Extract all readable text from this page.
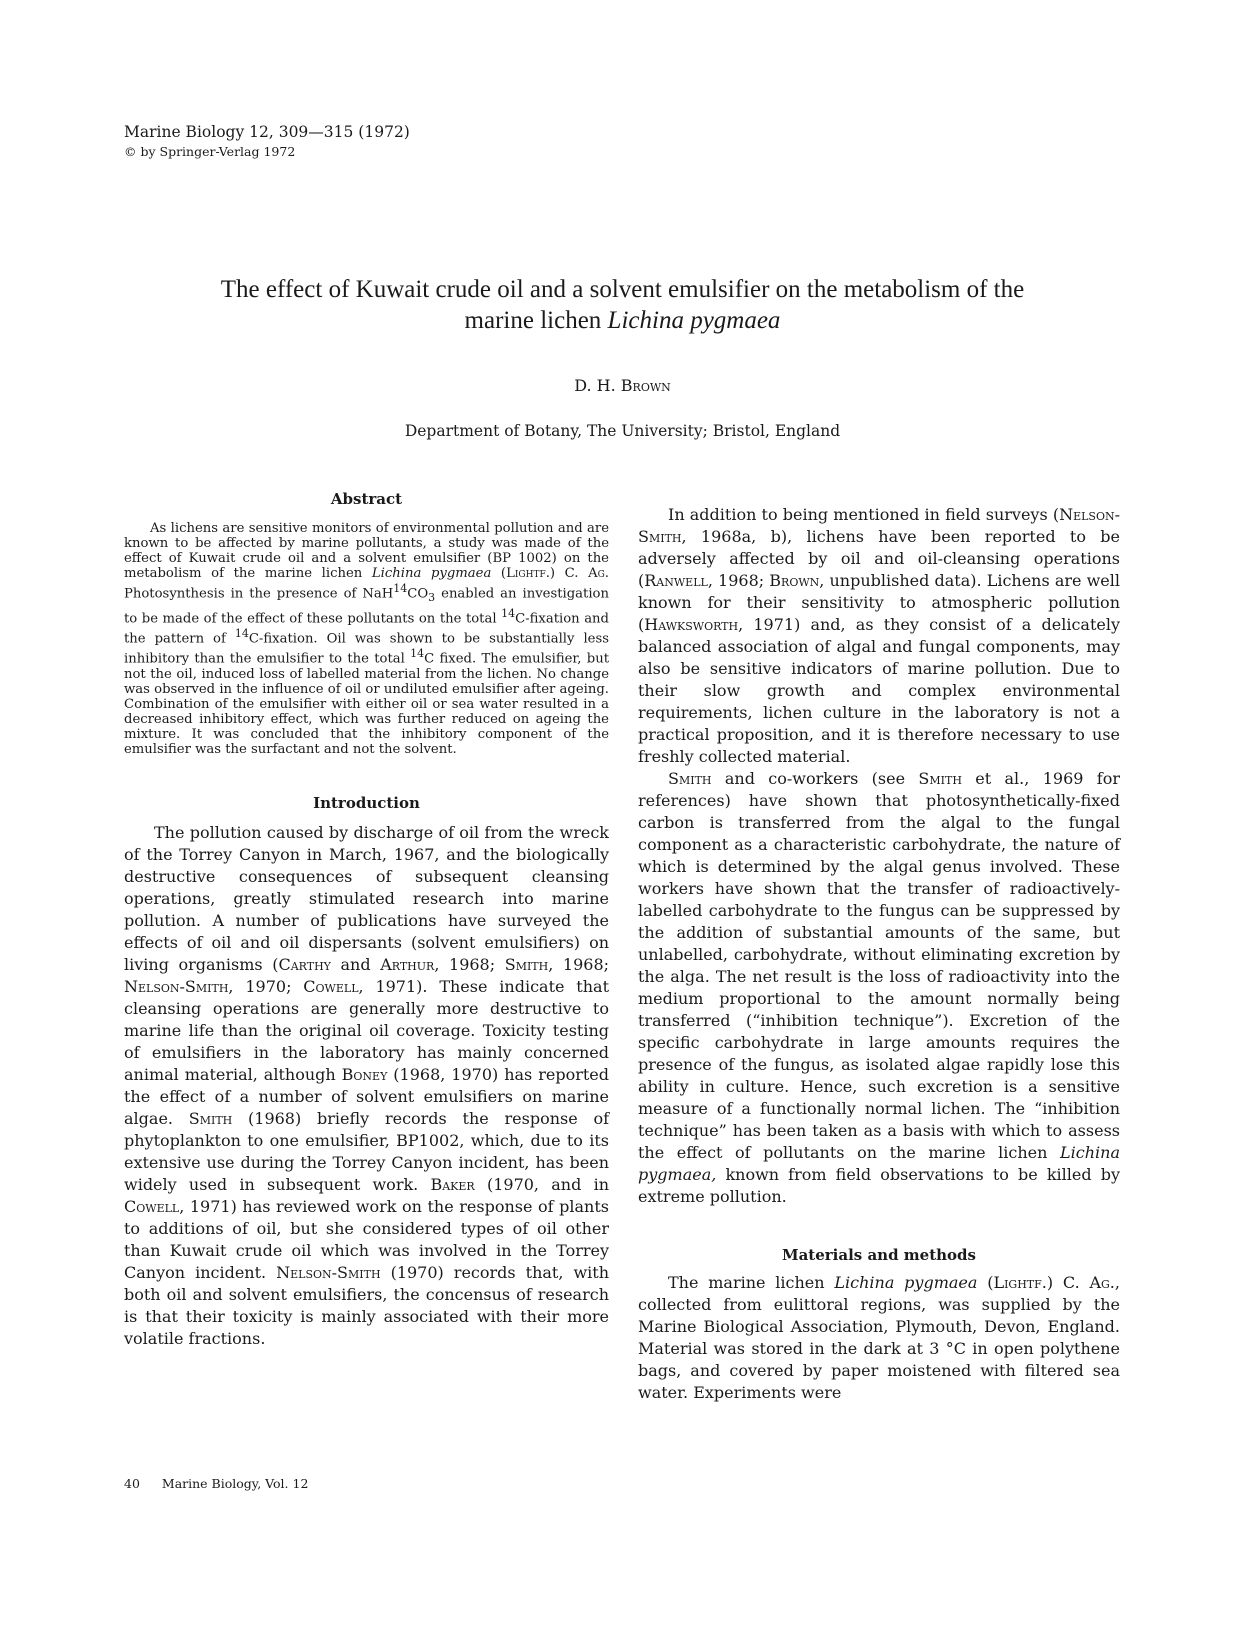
Marine Biology 12, 309—315 (1972)
© by Springer-Verlag 1972
The effect of Kuwait crude oil and a solvent emulsifier on the metabolism of the
marine lichen Lichina pygmaea
D. H. Brown
Department of Botany, The University; Bristol, England
Abstract

As lichens are sensitive monitors of environmental pollution and are known to be affected by marine pollutants, a study was made of the effect of Kuwait crude oil and a solvent emulsifier (BP 1002) on the metabolism of the marine lichen Lichina pygmaea (Lightf.) C. Ag. Photosynthesis in the presence of $NaH^{14}CO_3$ enabled an investigation to be made of the effect of these pollutants on the total $^{14}$C-fixation and the pattern of $^{14}$C-fixation. Oil was shown to be substantially less inhibitory than the emulsifier to the total $^{14}$C fixed. The emulsifier, but not the oil, induced loss of labelled material from the lichen. No change was observed in the influence of oil or undiluted emulsifier after ageing. Combination of the emulsifier with either oil or sea water resulted in a decreased inhibitory effect, which was further reduced on ageing the mixture. It was concluded that the inhibitory component of the emulsifier was the surfactant and not the solvent.

Introduction

The pollution caused by discharge of oil from the wreck of the Torrey Canyon in March, 1967, and the biologically destructive consequences of subsequent cleansing operations, greatly stimulated research into marine pollution. A number of publications have surveyed the effects of oil and oil dispersants (solvent emulsifiers) on living organisms (Carthy and Arthur, 1968; Smith, 1968; Nelson-Smith, 1970; Cowell, 1971). These indicate that cleansing operations are generally more destructive to marine life than the original oil coverage. Toxicity testing of emulsifiers in the laboratory has mainly concerned animal material, although Boney (1968, 1970) has reported the effect of a number of solvent emulsifiers on marine algae. Smith (1968) briefly records the response of phytoplankton to one emulsifier, BP1002, which, due to its extensive use during the Torrey Canyon incident, has been widely used in subsequent work. Baker (1970, and in Cowell, 1971) has reviewed work on the response of plants to additions of oil, but she considered types of oil other than Kuwait crude oil which was involved in the Torrey Canyon incident. Nelson-Smith (1970) records that, with both oil and solvent emulsifiers, the concensus of research is that their toxicity is mainly associated with their more volatile fractions.

In addition to being mentioned in field surveys (Nelson-Smith, 1968a, b), lichens have been reported to be adversely affected by oil and oil-cleansing operations (Ranwell, 1968; Brown, unpublished data). Lichens are well known for their sensitivity to atmospheric pollution (Hawksworth, 1971) and, as they consist of a delicately balanced association of algal and fungal components, may also be sensitive indicators of marine pollution. Due to their slow growth and complex environmental requirements, lichen culture in the laboratory is not a practical proposition, and it is therefore necessary to use freshly collected material.

Smith and co-workers (see Smith et al., 1969 for references) have shown that photosynthetically-fixed carbon is transferred from the algal to the fungal component as a characteristic carbohydrate, the nature of which is determined by the algal genus involved. These workers have shown that the transfer of radioactively-labelled carbohydrate to the fungus can be suppressed by the addition of substantial amounts of the same, but unlabelled, carbohydrate, without eliminating excretion by the alga. The net result is the loss of radioactivity into the medium proportional to the amount normally being transferred (“inhibition technique”). Excretion of the specific carbohydrate in large amounts requires the presence of the fungus, as isolated algae rapidly lose this ability in culture. Hence, such excretion is a sensitive measure of a functionally normal lichen. The “inhibition technique” has been taken as a basis with which to assess the effect of pollutants on the marine lichen Lichina pygmaea, known from field observations to be killed by extreme pollution.

Materials and methods

The marine lichen Lichina pygmaea (Lightf.) C. Ag., collected from eulittoral regions, was supplied by the Marine Biological Association, Plymouth, Devon, England. Material was stored in the dark at 3 °C in open polythene bags, and covered by paper moistened with filtered sea water. Experiments were

40 Marine Biology, Vol. 12
